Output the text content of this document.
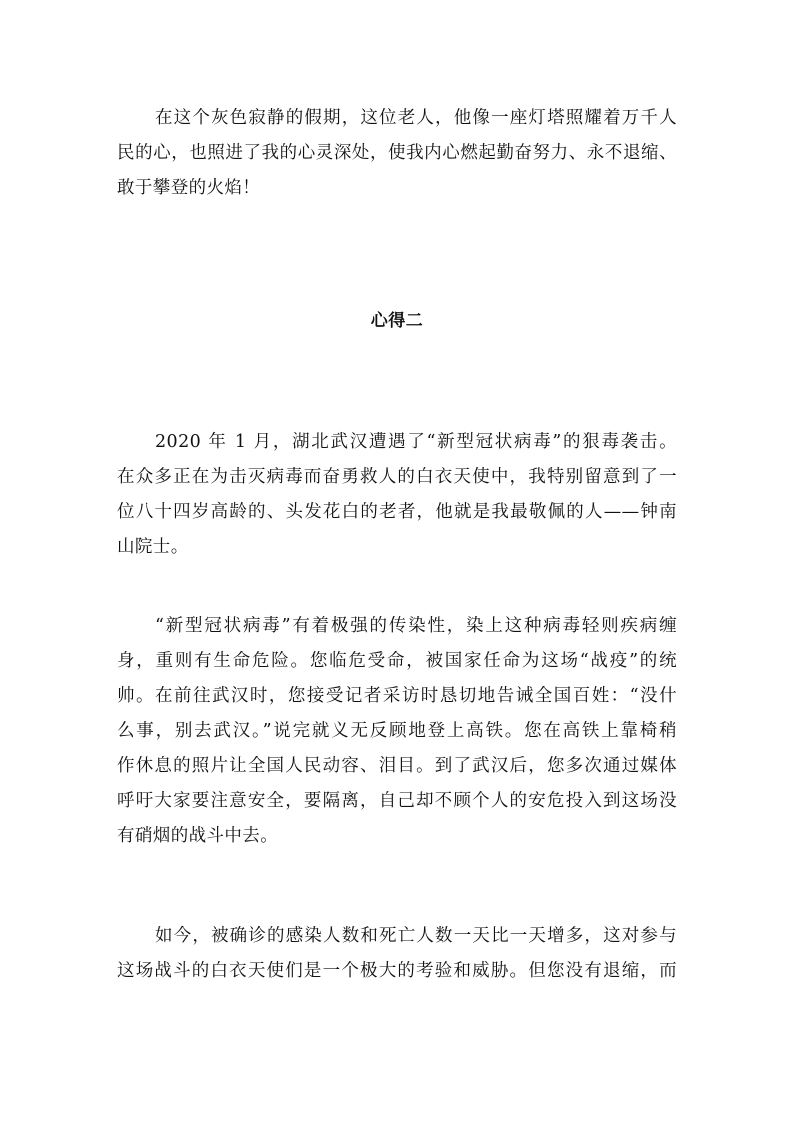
在这个灰色寂静的假期，这位老人，他像一座灯塔照耀着万千人
民的心，也照进了我的心灵深处，使我内心燃起勤奋努力、永不退缩、
敢于攀登的火焰！
心得二
2020 年 1 月，湖北武汉遭遇了“新型冠状病毒”的狠毒袭击。
在众多正在为击灭病毒而奋勇救人的白衣天使中，我特别留意到了一
位八十四岁高龄的、头发花白的老者，他就是我最敬佩的人——钟南
山院士。
“新型冠状病毒”有着极强的传染性，染上这种病毒轻则疾病缠
身，重则有生命危险。您临危受命，被国家任命为这场“战疫”的统
帅。在前往武汉时，您接受记者采访时恳切地告诫全国百姓：“没什
么事，别去武汉。”说完就义无反顾地登上高铁。您在高铁上靠椅稍
作休息的照片让全国人民动容、泪目。到了武汉后，您多次通过媒体
呼吁大家要注意安全，要隔离，自己却不顾个人的安危投入到这场没
有硝烟的战斗中去。
如今，被确诊的感染人数和死亡人数一天比一天增多，这对参与
这场战斗的白衣天使们是一个极大的考验和威胁。但您没有退缩，而
